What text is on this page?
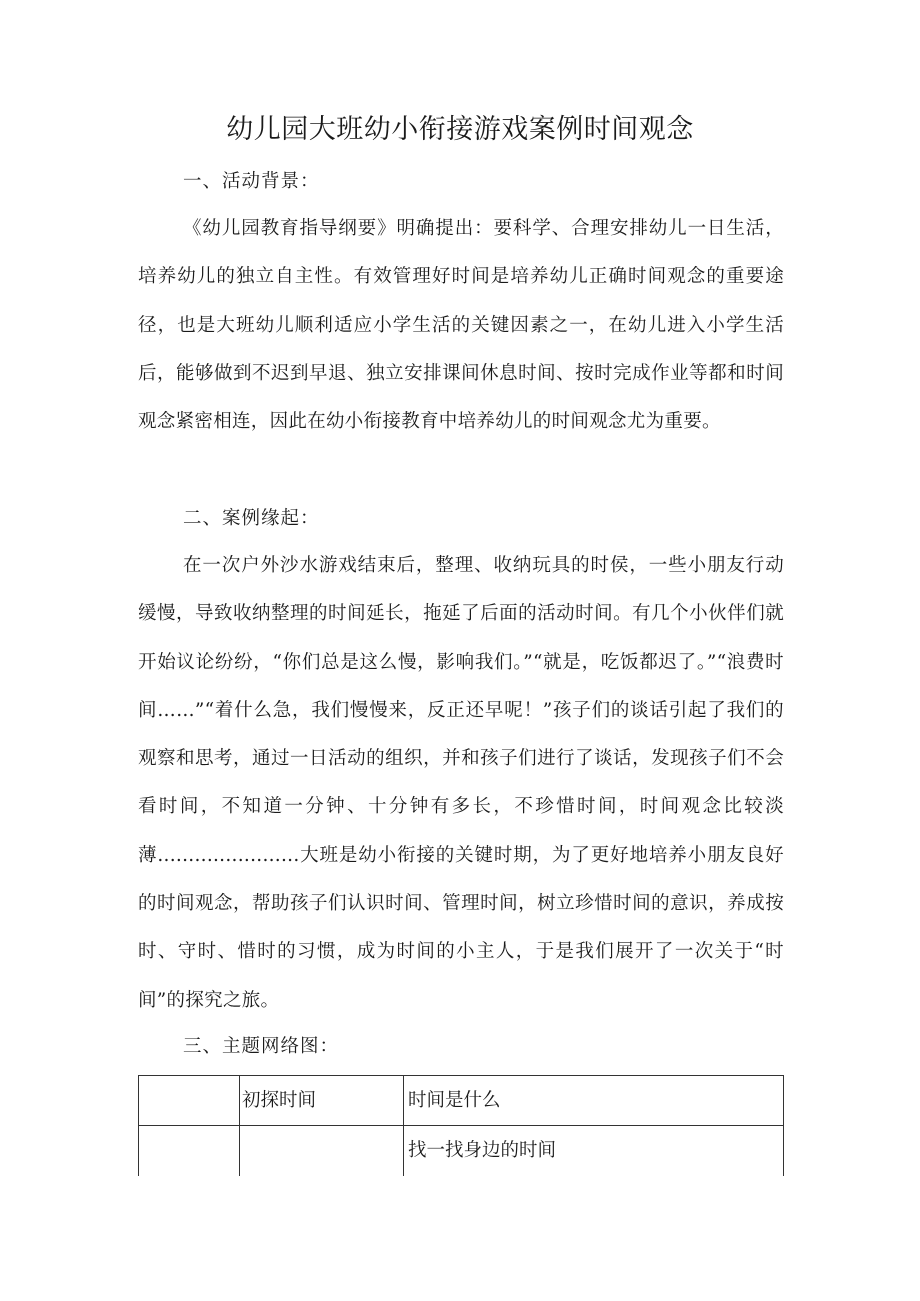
幼儿园大班幼小衔接游戏案例时间观念
一、活动背景：
《幼儿园教育指导纲要》明确提出：要科学、合理安排幼儿一日生活，培养幼儿的独立自主性。有效管理好时间是培养幼儿正确时间观念的重要途径，也是大班幼儿顺利适应小学生活的关键因素之一，在幼儿进入小学生活后，能够做到不迟到早退、独立安排课间休息时间、按时完成作业等都和时间观念紧密相连，因此在幼小衔接教育中培养幼儿的时间观念尤为重要。
二、案例缘起：
在一次户外沙水游戏结束后，整理、收纳玩具的时侯，一些小朋友行动缓慢，导致收纳整理的时间延长，拖延了后面的活动时间。有几个小伙伴们就开始议论纷纷，“你们总是这么慢，影响我们。”“就是，吃饭都迟了。”“浪费时间……”“着什么急，我们慢慢来，反正还早呢！”孩子们的谈话引起了我们的观察和思考，通过一日活动的组织，并和孩子们进行了谈话，发现孩子们不会看时间，不知道一分钟、十分钟有多长，不珍惜时间，时间观念比较淡薄.......................大班是幼小衔接的关键时期，为了更好地培养小朋友良好的时间观念，帮助孩子们认识时间、管理时间，树立珍惜时间的意识，养成按时、守时、惜时的习惯，成为时间的小主人，于是我们展开了一次关于“时间”的探究之旅。
三、主题网络图：
	初探时间	时间是什么
		找一找身边的时间
